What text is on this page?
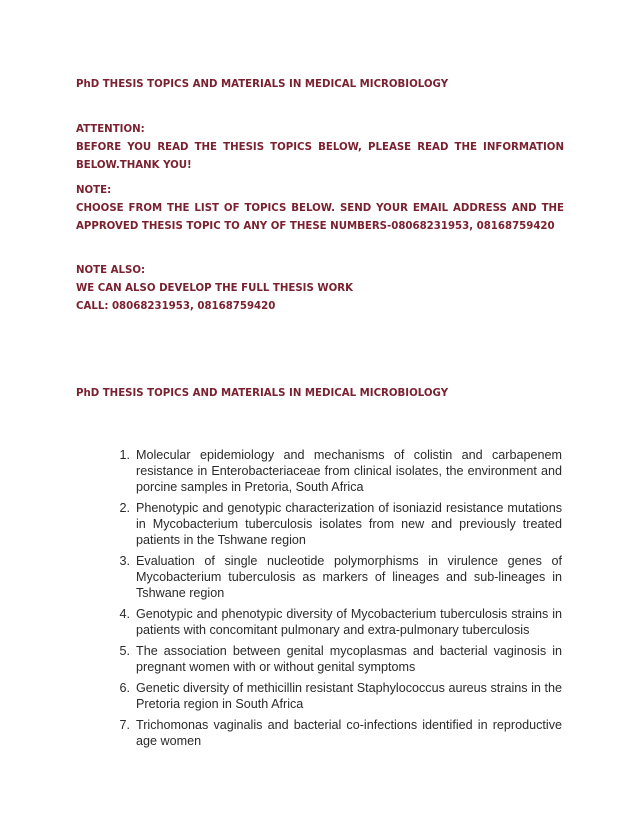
PhD THESIS TOPICS AND MATERIALS IN MEDICAL MICROBIOLOGY

ATTENTION:
BEFORE YOU READ THE THESIS TOPICS BELOW, PLEASE READ THE INFORMATION
BELOW.THANK YOU!

NOTE:
CHOOSE FROM THE LIST OF TOPICS BELOW. SEND YOUR EMAIL ADDRESS AND THE
APPROVED THESIS TOPIC TO ANY OF THESE NUMBERS-08068231953, 08168759420

NOTE ALSO:
WE CAN ALSO DEVELOP THE FULL THESIS WORK
CALL: 08068231953, 08168759420

PhD THESIS TOPICS AND MATERIALS IN MEDICAL MICROBIOLOGY

1. Molecular epidemiology and mechanisms of colistin and carbapenem resistance in Enterobacteriaceae from clinical isolates, the environment and porcine samples in Pretoria, South Africa
2. Phenotypic and genotypic characterization of isoniazid resistance mutations in Mycobacterium tuberculosis isolates from new and previously treated patients in the Tshwane region
3. Evaluation of single nucleotide polymorphisms in virulence genes of Mycobacterium tuberculosis as markers of lineages and sub-lineages in Tshwane region
4. Genotypic and phenotypic diversity of Mycobacterium tuberculosis strains in patients with concomitant pulmonary and extra-pulmonary tuberculosis
5. The association between genital mycoplasmas and bacterial vaginosis in pregnant women with or without genital symptoms
6. Genetic diversity of methicillin resistant Staphylococcus aureus strains in the Pretoria region in South Africa
7. Trichomonas vaginalis and bacterial co-infections identified in reproductive age women
